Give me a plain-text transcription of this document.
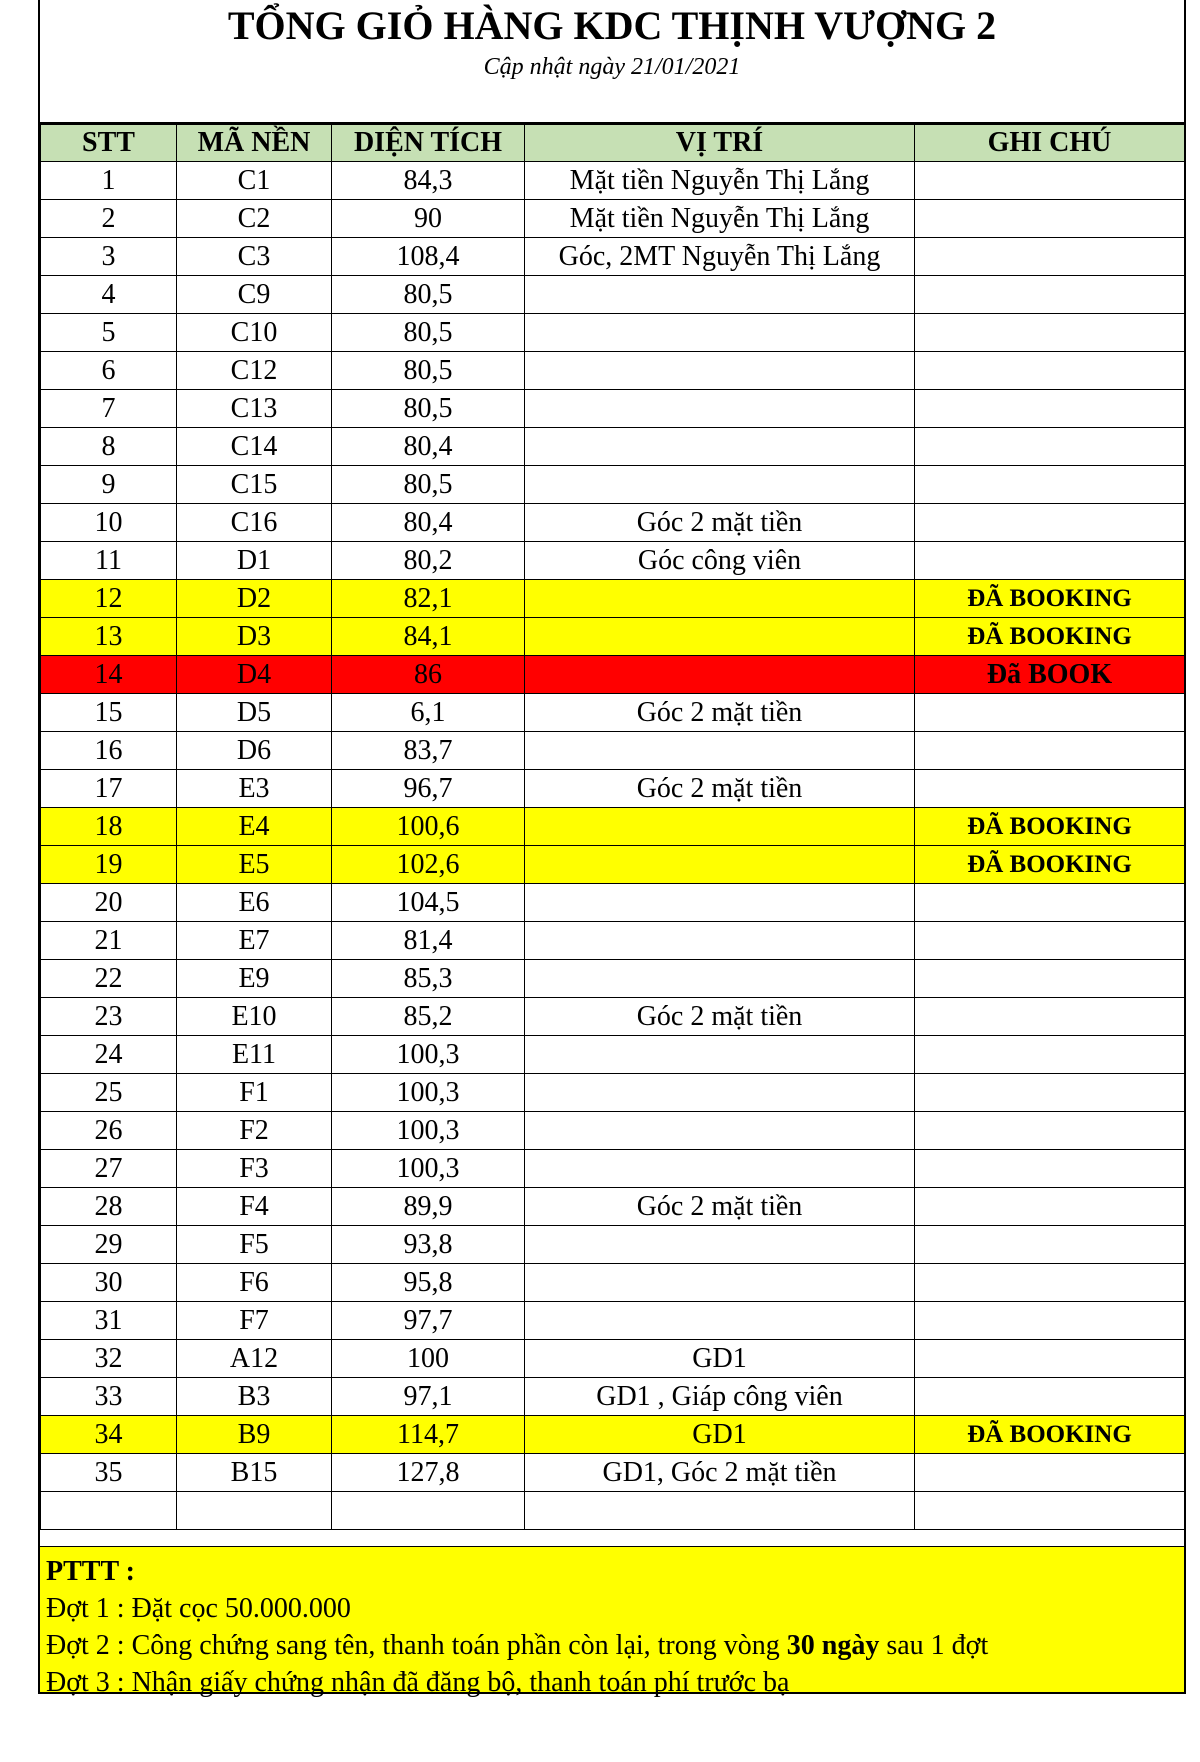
TỔNG GIỎ HÀNG KDC THỊNH VƯỢNG 2
Cập nhật ngày 21/01/2021
STT	MÃ NỀN	DIỆN TÍCH	VỊ TRÍ	GHI CHÚ
1	C1	84,3	Mặt tiền Nguyễn Thị Lắng	
2	C2	90	Mặt tiền Nguyễn Thị Lắng	
3	C3	108,4	Góc, 2MT Nguyễn Thị Lắng	
4	C9	80,5		
5	C10	80,5		
6	C12	80,5		
7	C13	80,5		
8	C14	80,4		
9	C15	80,5		
10	C16	80,4	Góc 2 mặt tiền	
11	D1	80,2	Góc công viên	
12	D2	82,1		ĐÃ BOOKING
13	D3	84,1		ĐÃ BOOKING
14	D4	86		Đã BOOK
15	D5	6,1	Góc 2 mặt tiền	
16	D6	83,7		
17	E3	96,7	Góc 2 mặt tiền	
18	E4	100,6		ĐÃ BOOKING
19	E5	102,6		ĐÃ BOOKING
20	E6	104,5		
21	E7	81,4		
22	E9	85,3		
23	E10	85,2	Góc 2 mặt tiền	
24	E11	100,3		
25	F1	100,3		
26	F2	100,3		
27	F3	100,3		
28	F4	89,9	Góc 2 mặt tiền	
29	F5	93,8		
30	F6	95,8		
31	F7	97,7		
32	A12	100	GD1	
33	B3	97,1	GD1 , Giáp công viên	
34	B9	114,7	GD1	ĐÃ BOOKING
35	B15	127,8	GD1, Góc 2 mặt tiền	

PTTT :
Đợt 1 : Đặt cọc 50.000.000
Đợt 2 : Công chứng sang tên, thanh toán phần còn lại, trong vòng 30 ngày sau 1 đợt
Đợt 3 : Nhận giấy chứng nhận đã đăng bộ, thanh toán phí trước bạ
